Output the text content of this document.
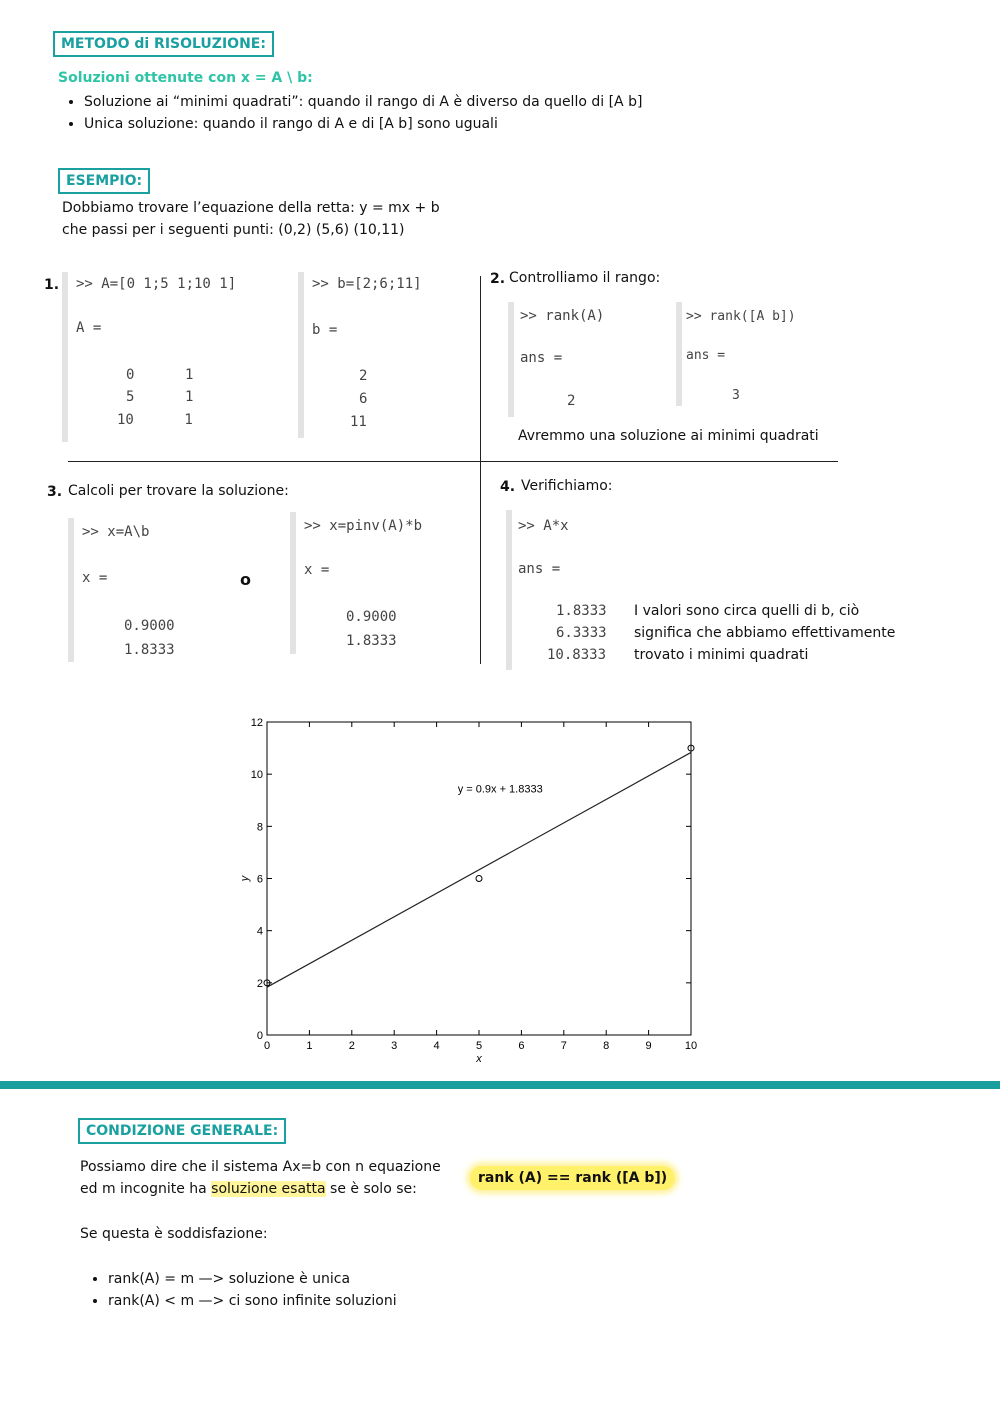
METODO di RISOLUZIONE:
Soluzioni ottenute con x = A \ b:
• Soluzione ai “minimi quadrati”: quando il rango di A è diverso da quello di [A b]
• Unica soluzione: quando il rango di A e di [A b] sono uguali
ESEMPIO:
Dobbiamo trovare l’equazione della retta: y = mx + b
che passi per i seguenti punti: (0,2) (5,6) (10,11)
1.

>> A=[0 1;5 1;10 1]

A =

0      1

5      1

10      1

>> b=[2;6;11]

b =

2

6

11

2. Controlliamo il rango:

>> rank(A)

ans =

2

>> rank([A b])

ans =

3

Avremmo una soluzione ai minimi quadrati
3. Calcoli per trovare la soluzione:

>> x=A\b

x =

0.9000

1.8333

o

>> x=pinv(A)*b

x =

0.9000

1.8333

4. Verifichiamo:

>> A*x

ans =

1.8333

6.3333

10.8333

I valori sono circa quelli di b, ciò
significa che abbiamo effettivamente
trovato i minimi quadrati
0	1	2	3	4	5	6	7	8	9	10
0
2
4
6
8
10
12
x
y
y = 0.9x + 1.8333
CONDIZIONE GENERALE:
Possiamo dire che il sistema Ax=b con n equazione
ed m incognite ha soluzione esatta se è solo se:
rank (A) == rank ([A b])
Se questa è soddisfazione:
• rank(A) = m —> soluzione è unica
• rank(A) < m —> ci sono infinite soluzioni
